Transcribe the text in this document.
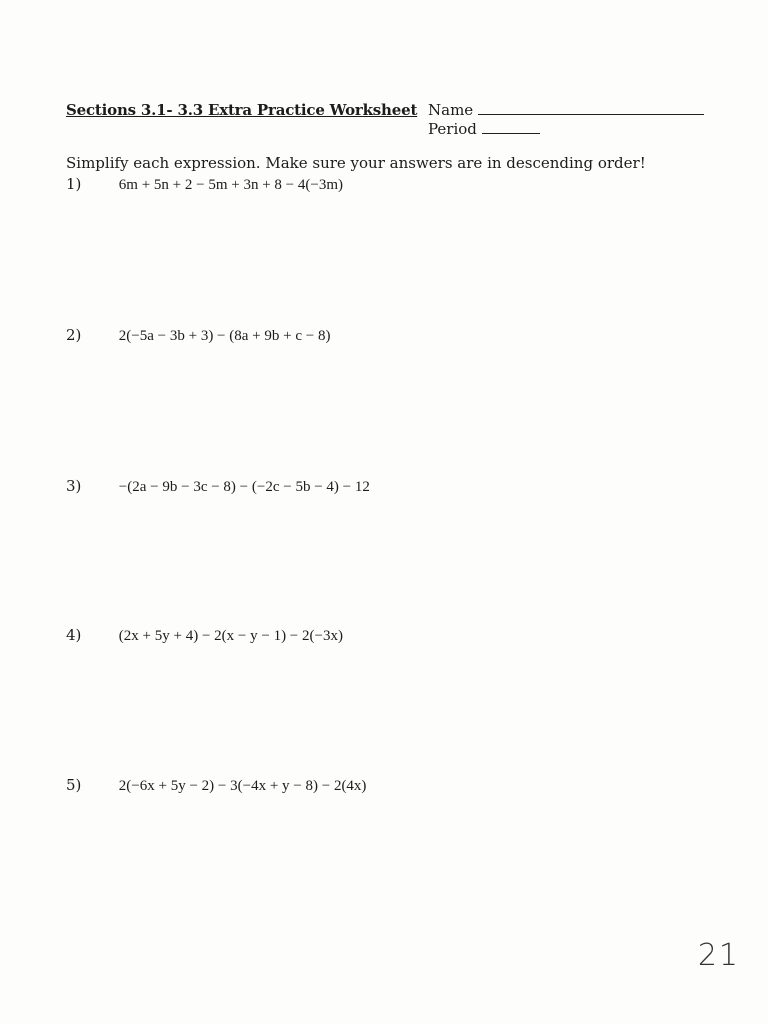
Sections 3.1- 3.3 Extra Practice Worksheet Name
Period
Simplify each expression. Make sure your answers are in descending order!
1) 6m + 5n + 2 − 5m + 3n + 8 − 4(−3m)
2) 2(−5a − 3b + 3) − (8a + 9b + c − 8)
3) −(2a − 9b − 3c − 8) − (−2c − 5b − 4) − 12
4) (2x + 5y + 4) − 2(x − y − 1) − 2(−3x)
5) 2(−6x + 5y − 2) − 3(−4x + y − 8) − 2(4x)
21
